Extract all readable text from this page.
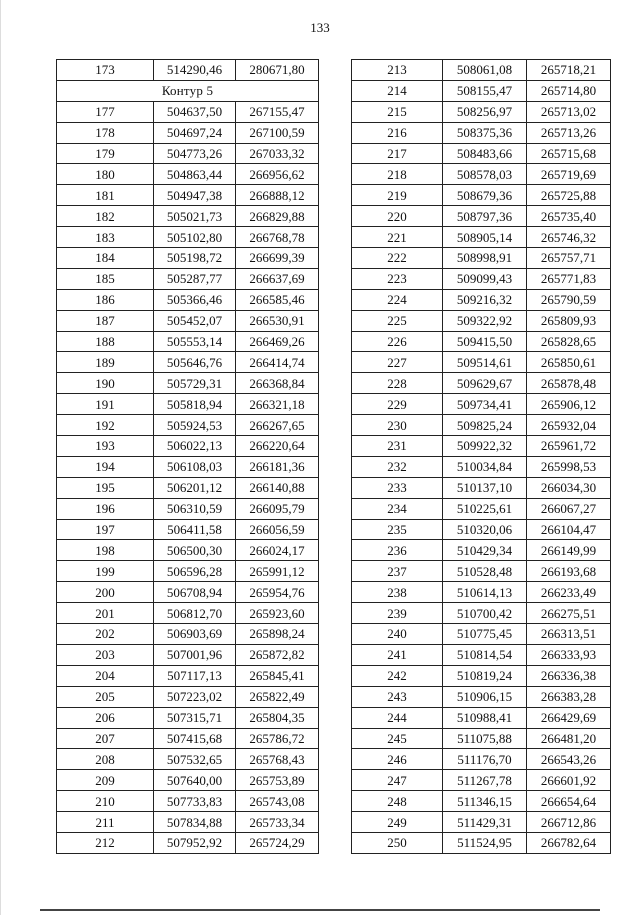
133
173	514290,46	280671,80
Контур 5		
177	504637,50	267155,47
178	504697,24	267100,59
179	504773,26	267033,32
180	504863,44	266956,62
181	504947,38	266888,12
182	505021,73	266829,88
183	505102,80	266768,78
184	505198,72	266699,39
185	505287,77	266637,69
186	505366,46	266585,46
187	505452,07	266530,91
188	505553,14	266469,26
189	505646,76	266414,74
190	505729,31	266368,84
191	505818,94	266321,18
192	505924,53	266267,65
193	506022,13	266220,64
194	506108,03	266181,36
195	506201,12	266140,88
196	506310,59	266095,79
197	506411,58	266056,59
198	506500,30	266024,17
199	506596,28	265991,12
200	506708,94	265954,76
201	506812,70	265923,60
202	506903,69	265898,24
203	507001,96	265872,82
204	507117,13	265845,41
205	507223,02	265822,49
206	507315,71	265804,35
207	507415,68	265786,72
208	507532,65	265768,43
209	507640,00	265753,89
210	507733,83	265743,08
211	507834,88	265733,34
212	507952,92	265724,29
213	508061,08	265718,21
214	508155,47	265714,80
215	508256,97	265713,02
216	508375,36	265713,26
217	508483,66	265715,68
218	508578,03	265719,69
219	508679,36	265725,88
220	508797,36	265735,40
221	508905,14	265746,32
222	508998,91	265757,71
223	509099,43	265771,83
224	509216,32	265790,59
225	509322,92	265809,93
226	509415,50	265828,65
227	509514,61	265850,61
228	509629,67	265878,48
229	509734,41	265906,12
230	509825,24	265932,04
231	509922,32	265961,72
232	510034,84	265998,53
233	510137,10	266034,30
234	510225,61	266067,27
235	510320,06	266104,47
236	510429,34	266149,99
237	510528,48	266193,68
238	510614,13	266233,49
239	510700,42	266275,51
240	510775,45	266313,51
241	510814,54	266333,93
242	510819,24	266336,38
243	510906,15	266383,28
244	510988,41	266429,69
245	511075,88	266481,20
246	511176,70	266543,26
247	511267,78	266601,92
248	511346,15	266654,64
249	511429,31	266712,86
250	511524,95	266782,64
